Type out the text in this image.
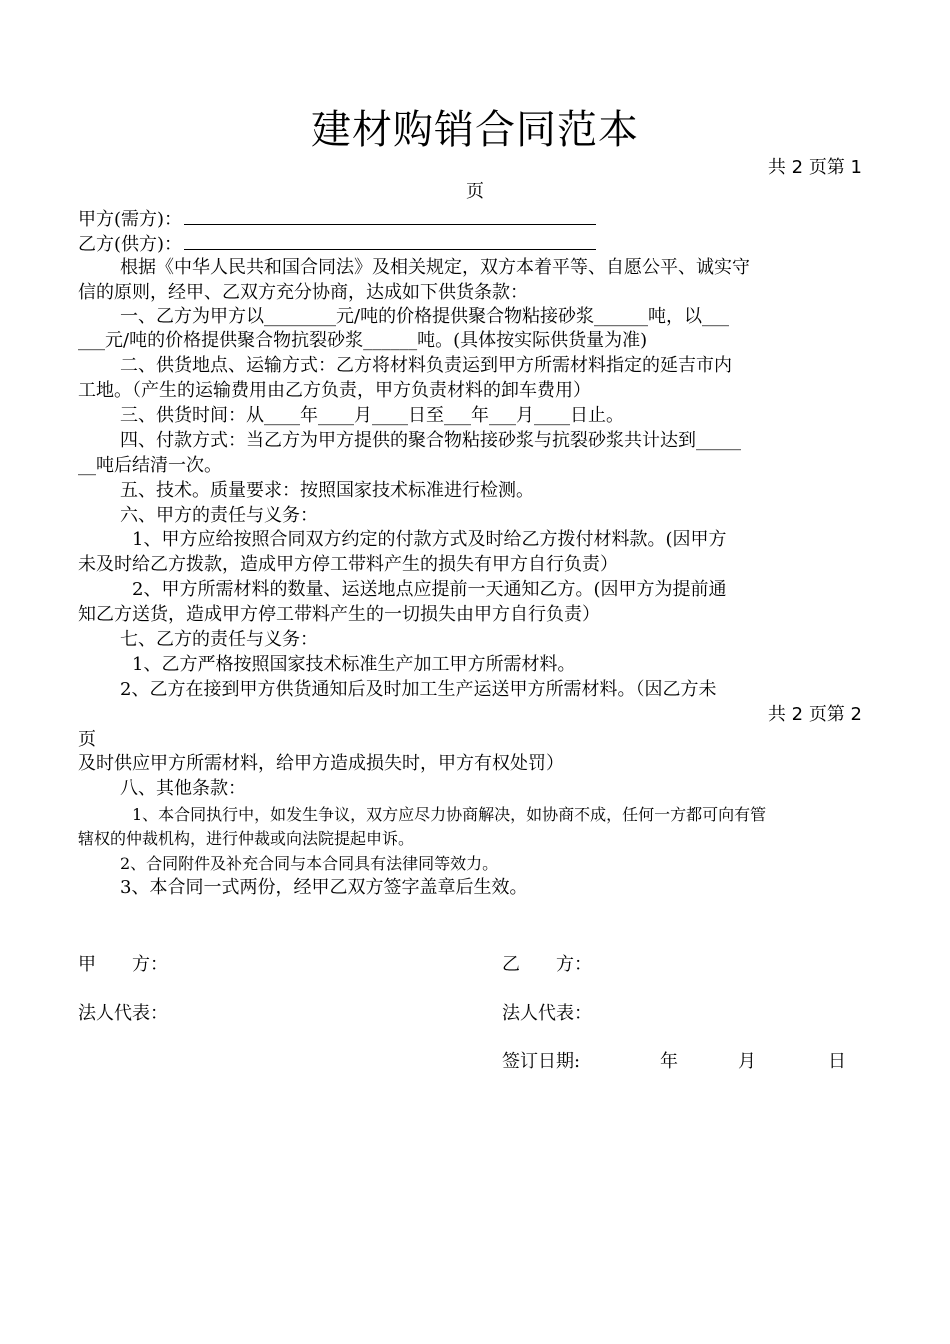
建材购销合同范本
共 2 页第 1
页
甲方(需方)：
乙方(供方)：
根据《中华人民共和国合同法》及相关规定，双方本着平等、自愿公平、诚实守
信的原则，经甲、乙双方充分协商，达成如下供货条款：
一、乙方为甲方以________元/吨的价格提供聚合物粘接砂浆______吨，以___
___元/吨的价格提供聚合物抗裂砂浆______吨。(具体按实际供货量为准)
二、供货地点、运输方式：乙方将材料负责运到甲方所需材料指定的延吉市内
工地。（产生的运输费用由乙方负责，甲方负责材料的卸车费用）
三、供货时间：从____年____月____日至___年___月____日止。
四、付款方式：当乙方为甲方提供的聚合物粘接砂浆与抗裂砂浆共计达到_____
__吨后结清一次。
五、技术。质量要求：按照国家技术标准进行检测。
六、甲方的责任与义务：
1、甲方应给按照合同双方约定的付款方式及时给乙方拨付材料款。(因甲方
未及时给乙方拨款，造成甲方停工带料产生的损失有甲方自行负责）
2、甲方所需材料的数量、运送地点应提前一天通知乙方。(因甲方为提前通
知乙方送货，造成甲方停工带料产生的一切损失由甲方自行负责）
七、乙方的责任与义务：
1、乙方严格按照国家技术标准生产加工甲方所需材料。
2、乙方在接到甲方供货通知后及时加工生产运送甲方所需材料。（因乙方未
共 2 页第 2
页
及时供应甲方所需材料，给甲方造成损失时，甲方有权处罚）
八、其他条款：
1、本合同执行中，如发生争议，双方应尽力协商解决，如协商不成，任何一方都可向有管
辖权的仲裁机构，进行仲裁或向法院提起申诉。
2、合同附件及补充合同与本合同具有法律同等效力。
3、本合同一式两份，经甲乙双方签字盖章后生效。
甲　　方：	乙　　方：
法人代表：	法人代表：
签订日期:	年	月	日
